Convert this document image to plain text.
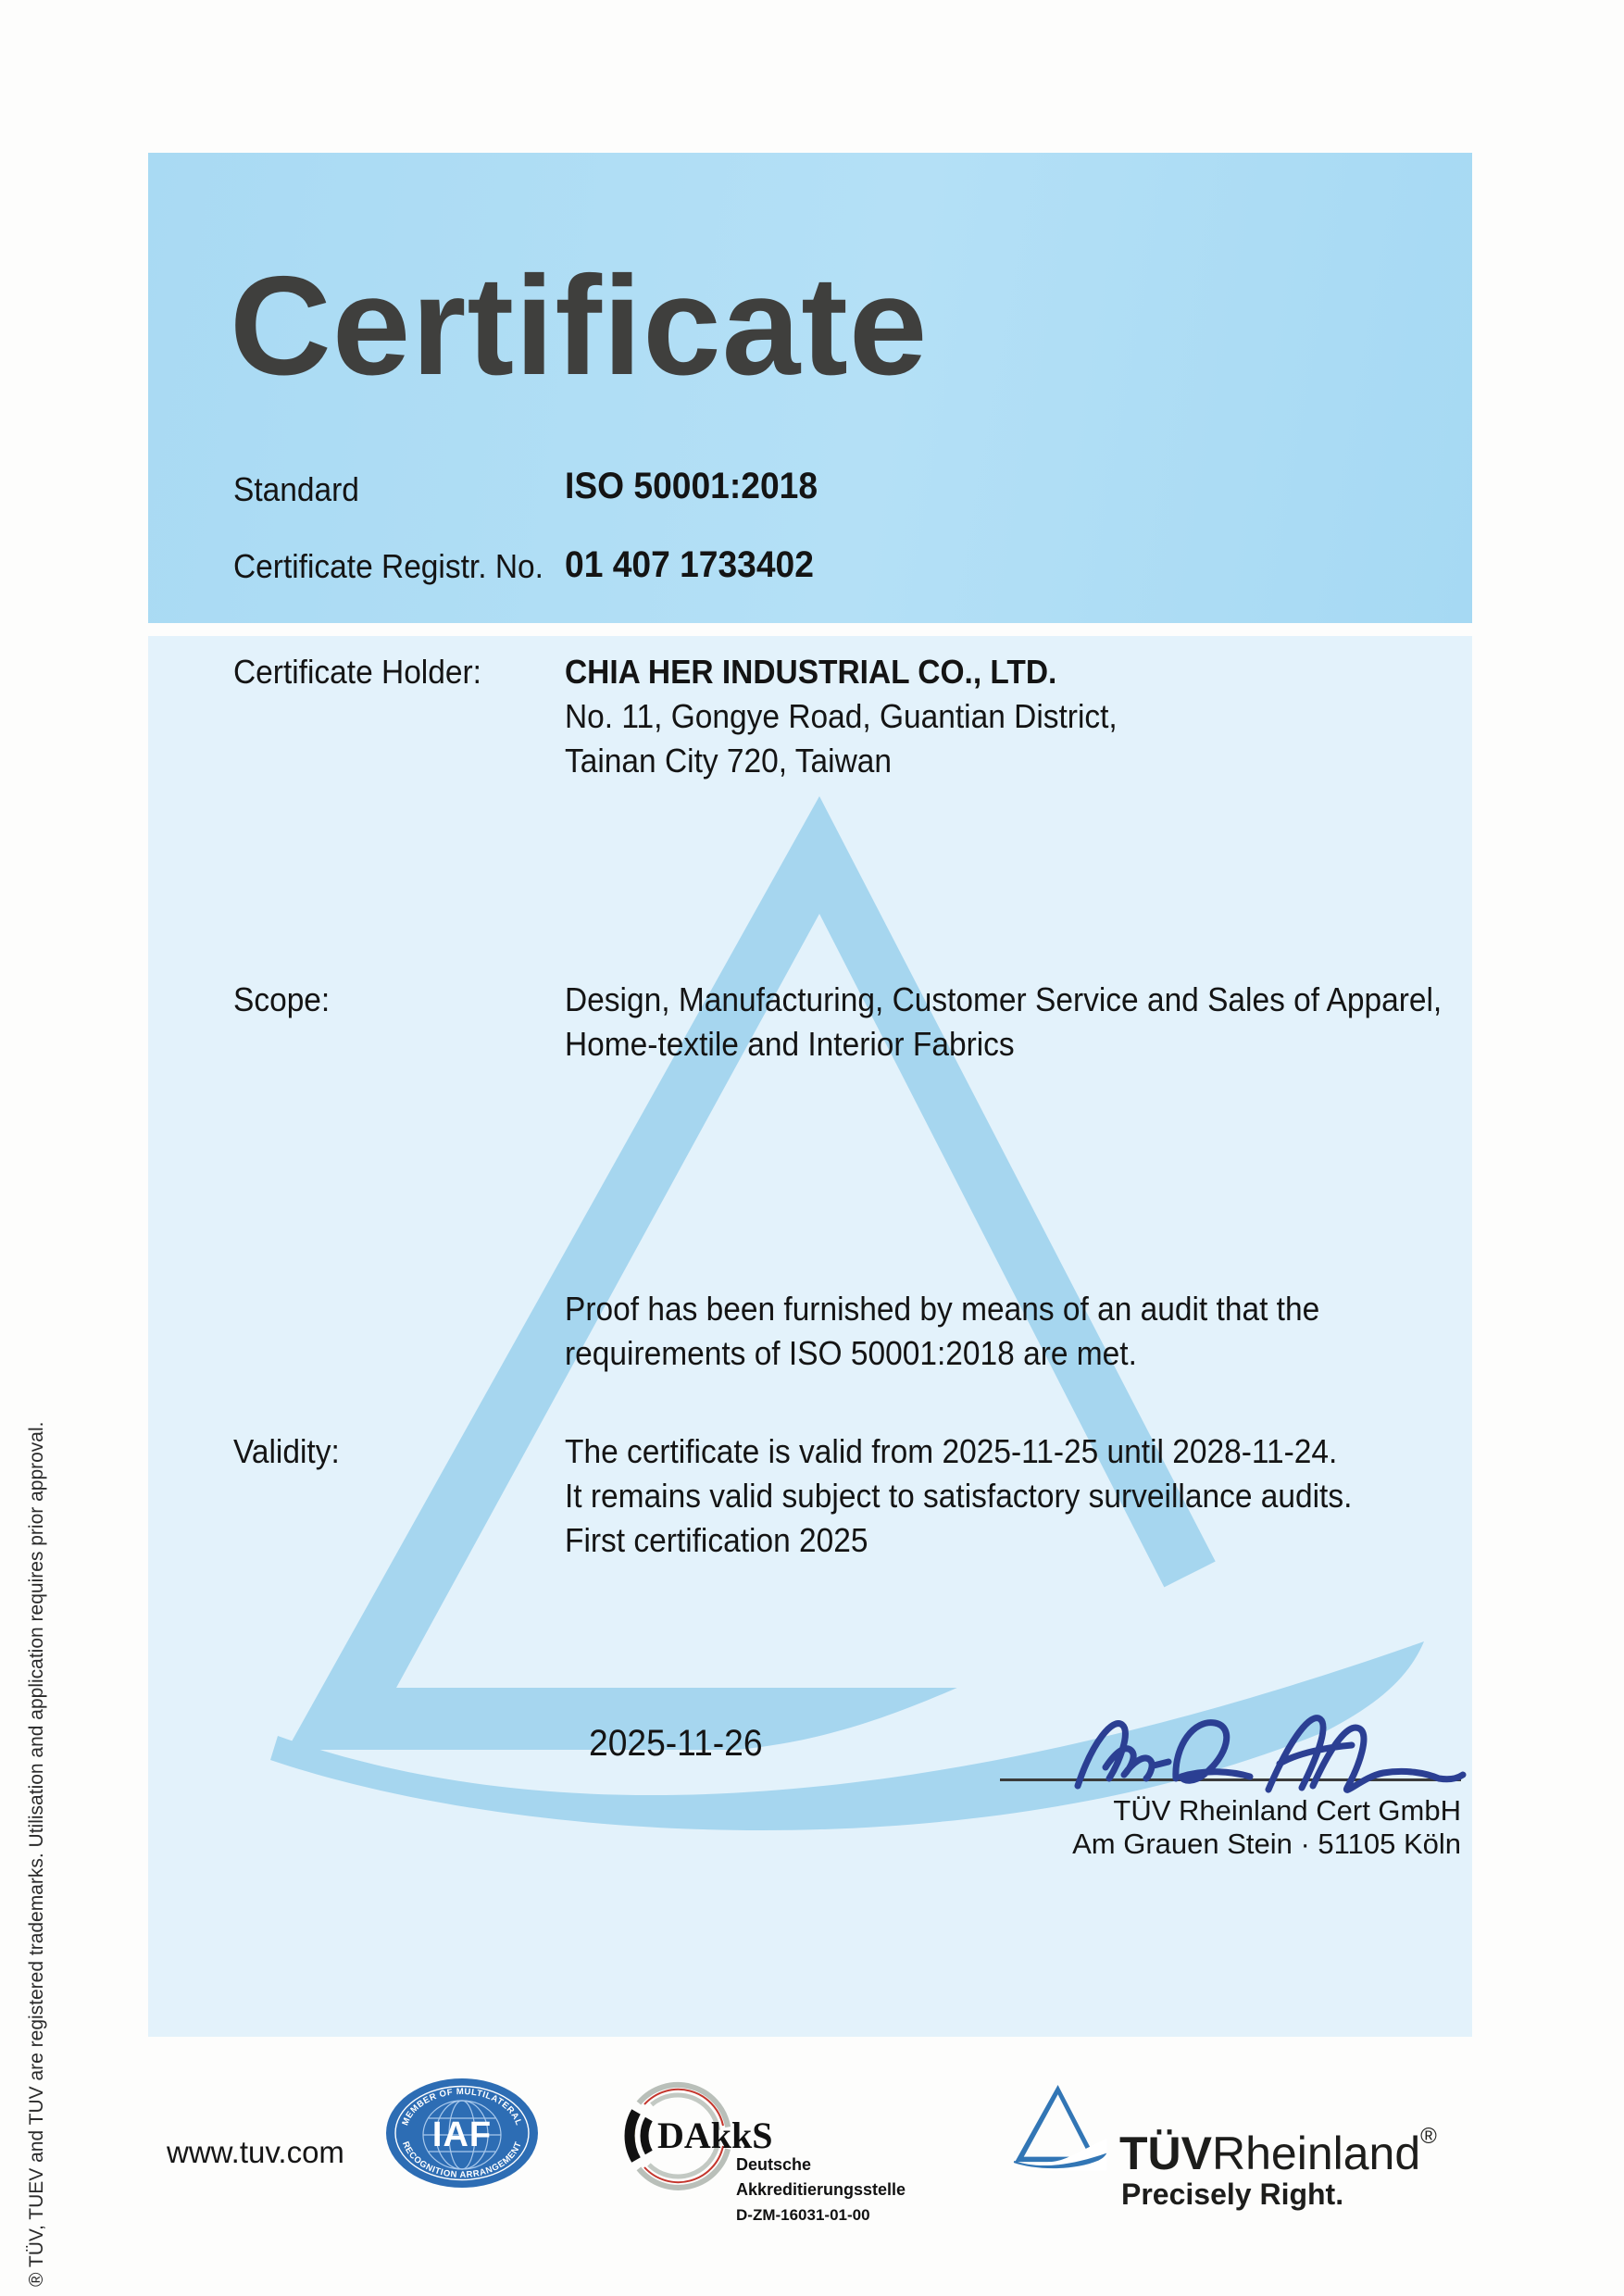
® TÜV, TUEV and TUV are registered trademarks. Utilisation and application requires prior approval.
Certificate
Standard	ISO 50001:2018
Certificate Registr. No. 01 407 1733402
Certificate Holder:	CHIA HER INDUSTRIAL CO., LTD.
No. 11, Gongye Road, Guantian District,
Tainan City 720, Taiwan
Scope:	Design, Manufacturing, Customer Service and Sales of Apparel,
Home-textile and Interior Fabrics
Proof has been furnished by means of an audit that the
requirements of ISO 50001:2018 are met.
Validity:	The certificate is valid from 2025-11-25 until 2028-11-24.
It remains valid subject to satisfactory surveillance audits.
First certification 2025
2025-11-26
TÜV Rheinland Cert GmbH
Am Grauen Stein · 51105 Köln
www.tuv.com
MEMBER OF MULTILATERAL
RECOGNITION ARRANGEMENT
IAF	DAkkS
Deutsche
Akkreditierungsstelle
D-ZM-16031-01-00
TÜVRheinland®
Precisely Right.
